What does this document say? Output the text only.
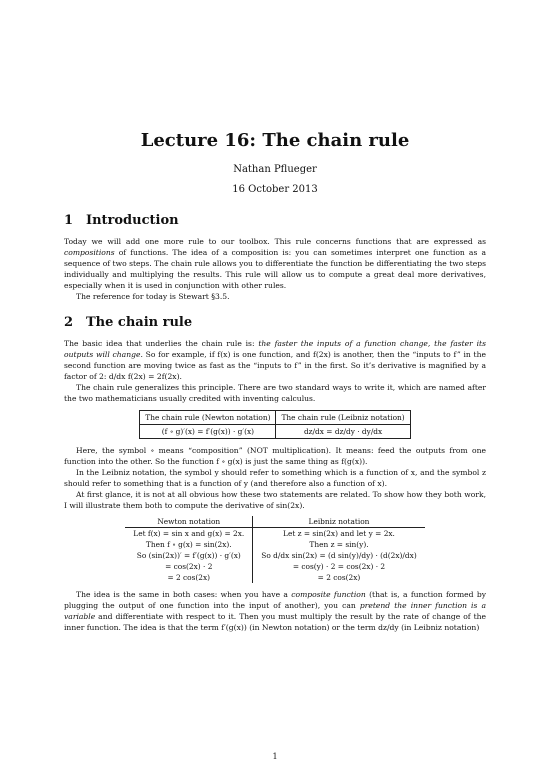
Lecture 16: The chain rule
Nathan Pflueger
16 October 2013
1 Introduction

Today we will add one more rule to our toolbox. This rule concerns functions that are expressed as compositions of functions. The idea of a composition is: you can sometimes interpret one function as a sequence of two steps. The chain rule allows you to differentiate the function be differentiating the two steps individually and multiplying the results. This rule will allow us to compute a great deal more derivatives, especially when it is used in conjunction with other rules.

The reference for today is Stewart §3.5.

2 The chain rule

The basic idea that underlies the chain rule is: the faster the inputs of a function change, the faster its outputs will change. So for example, if f(x) is one function, and f(2x) is another, then the “inputs to f” in the second function are moving twice as fast as the “inputs to f” in the first. So it’s derivative is magnified by a factor of 2: d/dx f(2x) = 2f(2x).

The chain rule generalizes this principle. There are two standard ways to write it, which are named after the two mathematicians usually credited with inventing calculus.

The chain rule (Newton notation)	The chain rule (Leibniz notation)
(f ∘ g)′(x) = f′(g(x)) · g′(x)	dz/dx = dz/dy · dy/dx

Here, the symbol ∘ means “composition” (NOT multiplication). It means: feed the outputs from one function into the other. So the function f ∘ g(x) is just the same thing as f(g(x)).

In the Leibniz notation, the symbol y should refer to something which is a function of x, and the symbol z should refer to something that is a function of y (and therefore also a function of x).

At first glance, it is not at all obvious how these two statements are related. To show how they both work, I will illustrate them both to compute the derivative of sin(2x).

Newton notation	Leibniz notation
Let f(x) = sin x and g(x) = 2x.	Let z = sin(2x) and let y = 2x.
Then f ∘ g(x) = sin(2x).	Then z = sin(y).
So (sin(2x))′ = f′(g(x)) · g′(x)	So d/dx sin(2x) = (d sin(y)/dy) · (d(2x)/dx)
= cos(2x) · 2	= cos(y) · 2 = cos(2x) · 2
= 2 cos(2x)	= 2 cos(2x)

The idea is the same in both cases: when you have a composite function (that is, a function formed by plugging the output of one function into the input of another), you can pretend the inner function is a variable and differentiate with respect to it. Then you must multiply the result by the rate of change of the inner function. The idea is that the term f′(g(x)) (in Newton notation) or the term dz/dy (in Leibniz notation)

1
